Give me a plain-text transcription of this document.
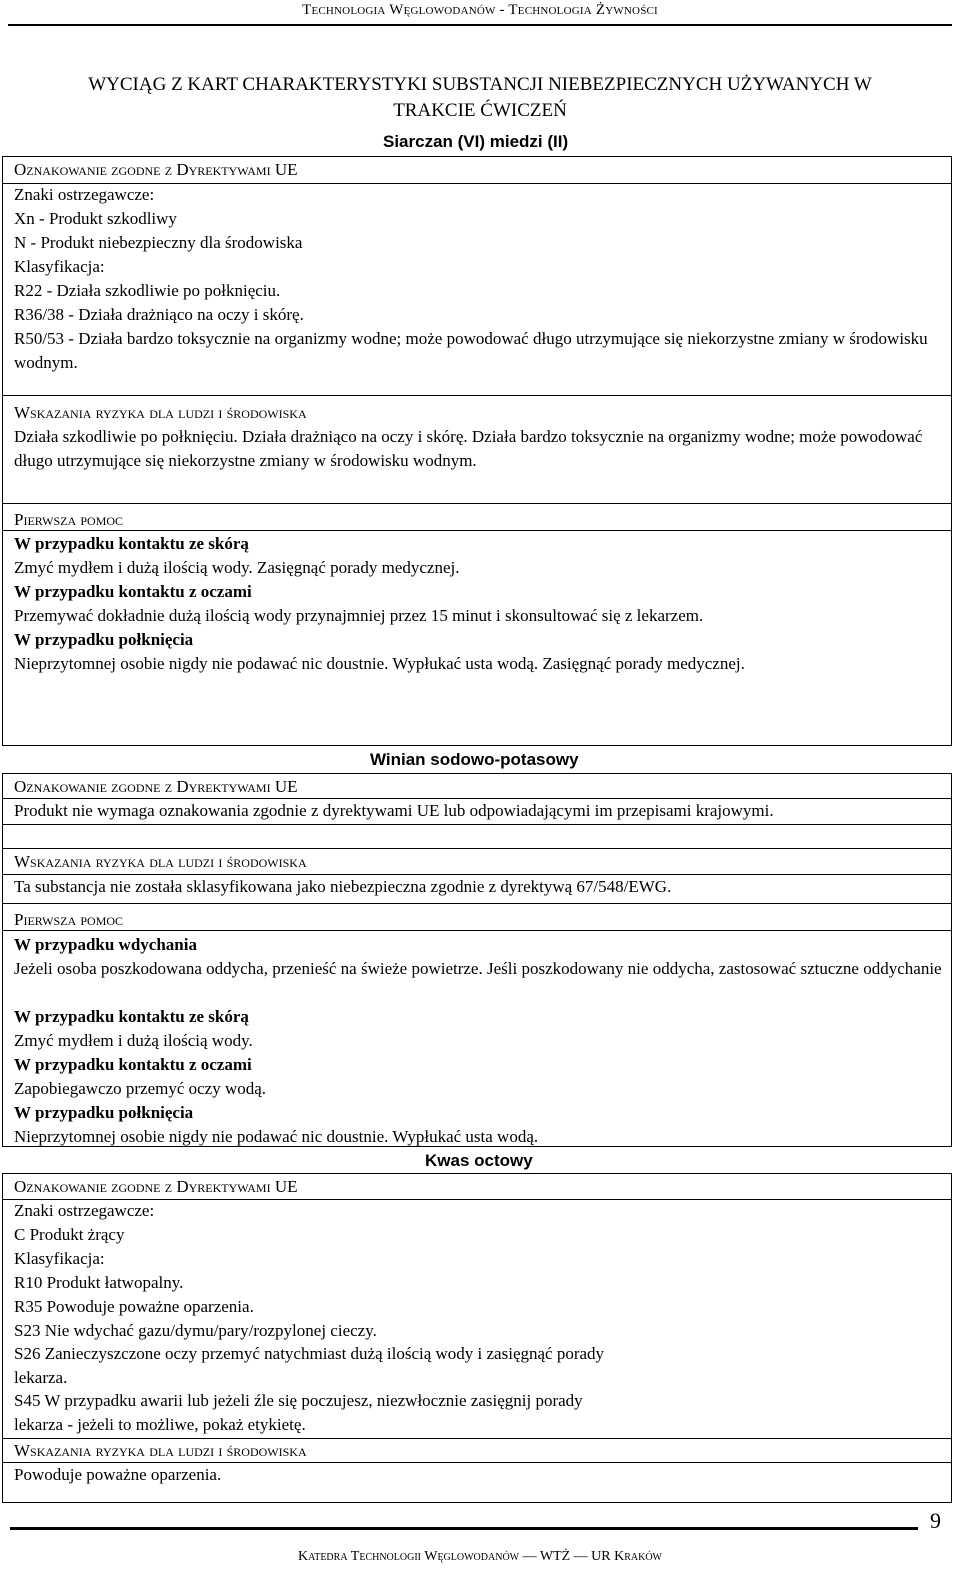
Technologia Węglowodanów - Technologia Żywności
WYCIĄG Z KART CHARAKTERYSTYKI SUBSTANCJI NIEBEZPIECZNYCH UŻYWANYCH W
TRAKCIE ĆWICZEŃ
Siarczan (VI) miedzi (II)
Oznakowanie zgodne z Dyrektywami UE
Znaki ostrzegawcze:
Xn - Produkt szkodliwy
N - Produkt niebezpieczny dla środowiska
Klasyfikacja:
R22 - Działa szkodliwie po połknięciu.
R36/38 - Działa drażniąco na oczy i skórę.
R50/53 - Działa bardzo toksycznie na organizmy wodne; może powodować długo utrzymujące się niekorzystne zmiany w środowisku wodnym.
Wskazania ryzyka dla ludzi i środowiska
Działa szkodliwie po połknięciu. Działa drażniąco na oczy i skórę. Działa bardzo toksycznie na organizmy wodne; może powodować długo utrzymujące się niekorzystne zmiany w środowisku wodnym.
Pierwsza pomoc
W przypadku kontaktu ze skórą
Zmyć mydłem i dużą ilością wody. Zasięgnąć porady medycznej.
W przypadku kontaktu z oczami
Przemywać dokładnie dużą ilością wody przynajmniej przez 15 minut i skonsultować się z lekarzem.
W przypadku połknięcia
Nieprzytomnej osobie nigdy nie podawać nic doustnie. Wypłukać usta wodą. Zasięgnąć porady medycznej.
Winian sodowo-potasowy
Oznakowanie zgodne z Dyrektywami UE
Produkt nie wymaga oznakowania zgodnie z dyrektywami UE lub odpowiadającymi im przepisami krajowymi.
Wskazania ryzyka dla ludzi i środowiska
Ta substancja nie została sklasyfikowana jako niebezpieczna zgodnie z dyrektywą 67/548/EWG.
Pierwsza pomoc
W przypadku wdychania
Jeżeli osoba poszkodowana oddycha, przenieść na świeże powietrze. Jeśli poszkodowany nie oddycha, zastosować sztuczne oddychanie
W przypadku kontaktu ze skórą
Zmyć mydłem i dużą ilością wody.
W przypadku kontaktu z oczami
Zapobiegawczo przemyć oczy wodą.
W przypadku połknięcia
Nieprzytomnej osobie nigdy nie podawać nic doustnie. Wypłukać usta wodą.
Kwas octowy
Oznakowanie zgodne z Dyrektywami UE
Znaki ostrzegawcze:
C Produkt żrący
Klasyfikacja:
R10 Produkt łatwopalny.
R35 Powoduje poważne oparzenia.
S23 Nie wdychać gazu/dymu/pary/rozpylonej cieczy.
S26 Zanieczyszczone oczy przemyć natychmiast dużą ilością wody i zasięgnąć porady
lekarza.
S45 W przypadku awarii lub jeżeli źle się poczujesz, niezwłocznie zasięgnij porady
lekarza - jeżeli to możliwe, pokaż etykietę.
Wskazania ryzyka dla ludzi i środowiska
Powoduje poważne oparzenia.
9
Katedra Technologii Węglowodanów — WTŻ — UR Kraków
